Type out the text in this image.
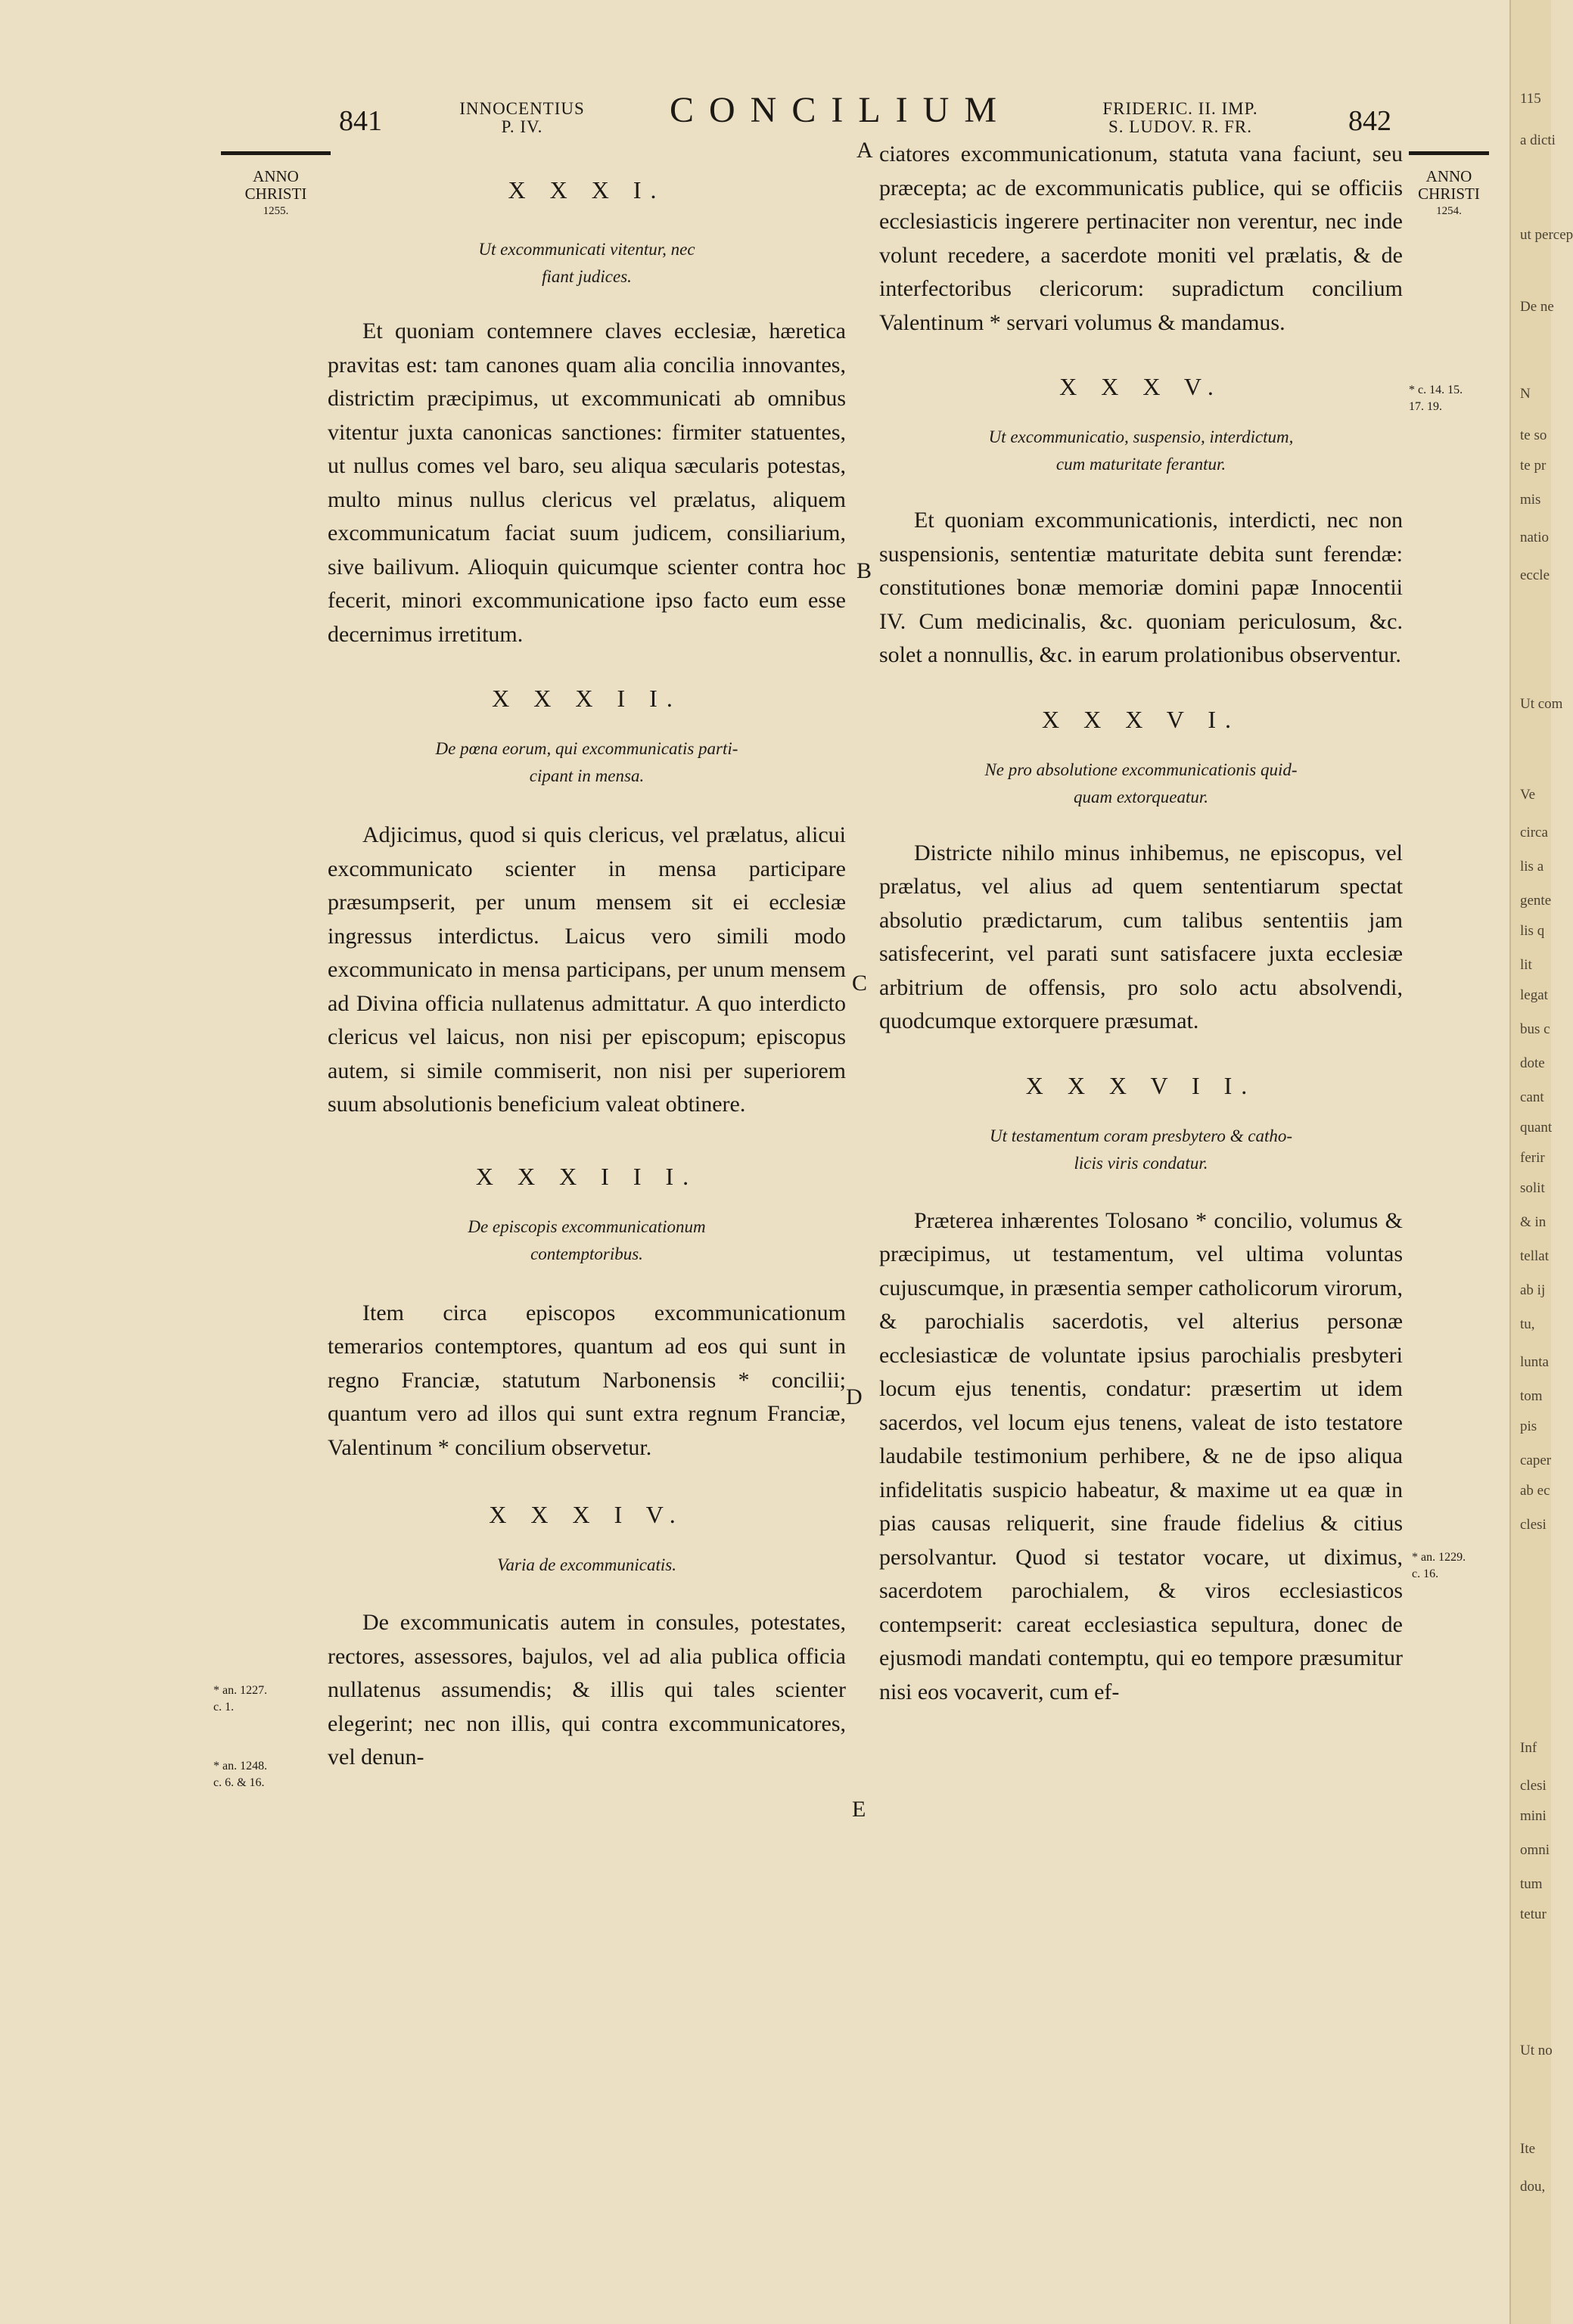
841	INNOCENTIUS
P. IV.	CONCILIUM	FRIDERIC. II. IMP.
S. LUDOV. R. FR.	842
ANNO
CHRISTI
1255.
ANNO
CHRISTI
1254.

X X X I.

Ut excommunicati vitentur, nec
fiant judices.

Et quoniam contemnere claves ecclesiæ, hæretica pravitas est: tam canones quam alia concilia innovantes, districtim præcipimus, ut excommunicati ab omnibus vitentur juxta canonicas sanctiones: firmiter statuentes, ut nullus comes vel baro, seu aliqua sæcularis potestas, multo minus nullus clericus vel prælatus, aliquem excommunicatum faciat suum judicem, consiliarium, sive bailivum. Alioquin quicumque scienter contra hoc fecerit, minori excommunicatione ipso facto eum esse decernimus irretitum.

X X X I I.

De pœna eorum, qui excommunicatis parti-
cipant in mensa.

Adjicimus, quod si quis clericus, vel prælatus, alicui excommunicato scienter in mensa participare præsumpserit, per unum mensem sit ei ecclesiæ ingressus interdictus. Laicus vero simili modo excommunicato in mensa participans, per unum mensem ad Divina officia nullatenus admittatur. A quo interdicto clericus vel laicus, non nisi per episcopum; episcopus autem, si simile commiserit, non nisi per superiorem suum absolutionis beneficium valeat obtinere.

X X X I I I.

De episcopis excommunicationum
contemptoribus.

Item circa episcopos excommunicationum temerarios contemptores, quantum ad eos qui sunt in regno Franciæ, statutum Narbonensis * concilii; quantum vero ad illos qui sunt extra regnum Franciæ, Valentinum * concilium observetur.

X X X I V.

Varia de excommunicatis.

De excommunicatis autem in consules, potestates, rectores, assessores, bajulos, vel ad alia publica officia nullatenus assumendis; & illis qui tales scienter elegerint; nec non illis, qui contra excommunicatores, vel denun-

ciatores excommunicationum, statuta vana faciunt, seu præcepta; ac de excommunicatis publice, qui se officiis ecclesiasticis ingerere pertinaciter non verentur, nec inde volunt recedere, a sacerdote moniti vel prælatis, & de interfectoribus clericorum: supradictum concilium Valentinum * servari volumus & mandamus.

X X X V.

Ut excommunicatio, suspensio, interdictum,
cum maturitate ferantur.

Et quoniam excommunicationis, interdicti, nec non suspensionis, sententiæ maturitate debita sunt ferendæ: constitutiones bonæ memoriæ domini papæ Innocentii IV. Cum medicinalis, &c. quoniam periculosum, &c. solet a nonnullis, &c. in earum prolationibus observentur.

X X X V I.

Ne pro absolutione excommunicationis quid-
quam extorqueatur.

Districte nihilo minus inhibemus, ne episcopus, vel prælatus, vel alius ad quem sententiarum spectat absolutio prædictarum, cum talibus sententiis jam satisfecerint, vel parati sunt satisfacere juxta ecclesiæ arbitrium de offensis, pro solo actu absolvendi, quodcumque extorquere præsumat.

X X X V I I.

Ut testamentum coram presbytero & catho-
licis viris condatur.

Præterea inhærentes Tolosano * concilio, volumus & præcipimus, ut testamentum, vel ultima voluntas cujuscumque, in præsentia semper catholicorum virorum, & parochialis sacerdotis, vel alterius personæ ecclesiasticæ de voluntate ipsius parochialis presbyteri locum ejus tenentis, condatur: præsertim ut idem sacerdos, vel locum ejus tenens, valeat de isto testatore laudabile testimonium perhibere, & ne de ipso aliqua infidelitatis suspicio habeatur, & maxime ut ea quæ in pias causas reliquerit, sine fraude fidelius & citius persolvantur. Quod si testator vocare, ut diximus, sacerdotem parochialem, & viros ecclesiasticos contempserit: careat ecclesiastica sepultura, donec de ejusmodi mandati contemptu, qui eo tempore præsumitur nisi eos vocaverit, cum ef-

A
B
C
D
E
* an. 1227.
c. 1.
* an. 1248.
c. 6. & 16.
* c. 14. 15.
17. 19.
* an. 1229.
c. 16.
115
a dicti
ut percep
De ne
N
te so
te pr
mis
natio
eccle
Ut com
Ve
circa
lis a
gente
lis q
lit
legat
bus c
dote
cant
quant
ferir
solit
& in
tellat
ab ij
tu,
lunta
tom
pis
caper
ab ec
clesi
Inf
clesi
mini
omni
tum
tetur
Ut no
Ite
dou,
